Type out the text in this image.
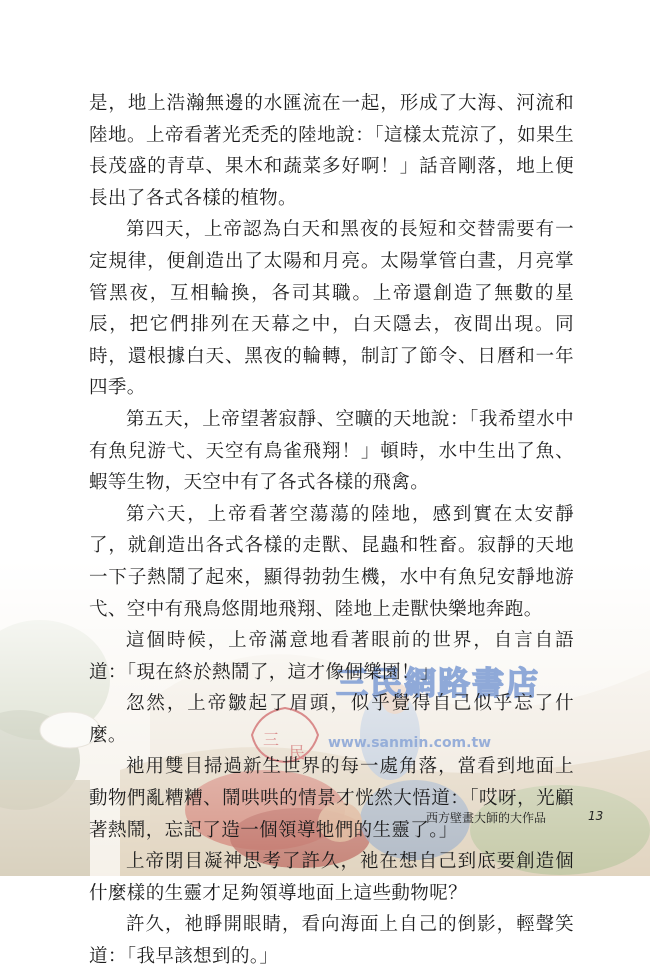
三民網路書店
三
民 www.sanmin.com.tw

是，地上浩瀚無邊的水匯流在一起，形成了大海、河流和陸地。上帝看著光禿禿的陸地說：「這樣太荒涼了，如果生長茂盛的青草、果木和蔬菜多好啊！」話音剛落，地上便長出了各式各樣的植物。

第四天，上帝認為白天和黑夜的長短和交替需要有一定規律，便創造出了太陽和月亮。太陽掌管白晝，月亮掌管黑夜，互相輪換，各司其職。上帝還創造了無數的星辰，把它們排列在天幕之中，白天隱去，夜間出現。同時，還根據白天、黑夜的輪轉，制訂了節令、日曆和一年四季。

第五天，上帝望著寂靜、空曠的天地說：「我希望水中有魚兒游弋、天空有鳥雀飛翔！」頓時，水中生出了魚、蝦等生物，天空中有了各式各樣的飛禽。

第六天，上帝看著空蕩蕩的陸地，感到實在太安靜了，就創造出各式各樣的走獸、昆蟲和牲畜。寂靜的天地一下子熱鬧了起來，顯得勃勃生機，水中有魚兒安靜地游弋、空中有飛鳥悠閒地飛翔、陸地上走獸快樂地奔跑。

這個時候，上帝滿意地看著眼前的世界，自言自語道：「現在終於熱鬧了，這才像個樂園！」

忽然，上帝皺起了眉頭，似乎覺得自己似乎忘了什麼。

祂用雙目掃過新生世界的每一處角落，當看到地面上動物們亂糟糟、鬧哄哄的情景才恍然大悟道：「哎呀，光顧著熱鬧，忘記了造一個領導牠們的生靈了。」

上帝閉目凝神思考了許久，祂在想自己到底要創造個什麼樣的生靈才足夠領導地面上這些動物呢？

許久，祂睜開眼睛，看向海面上自己的倒影，輕聲笑道：「我早該想到的。」

西方壁畫大師的大作品	13
